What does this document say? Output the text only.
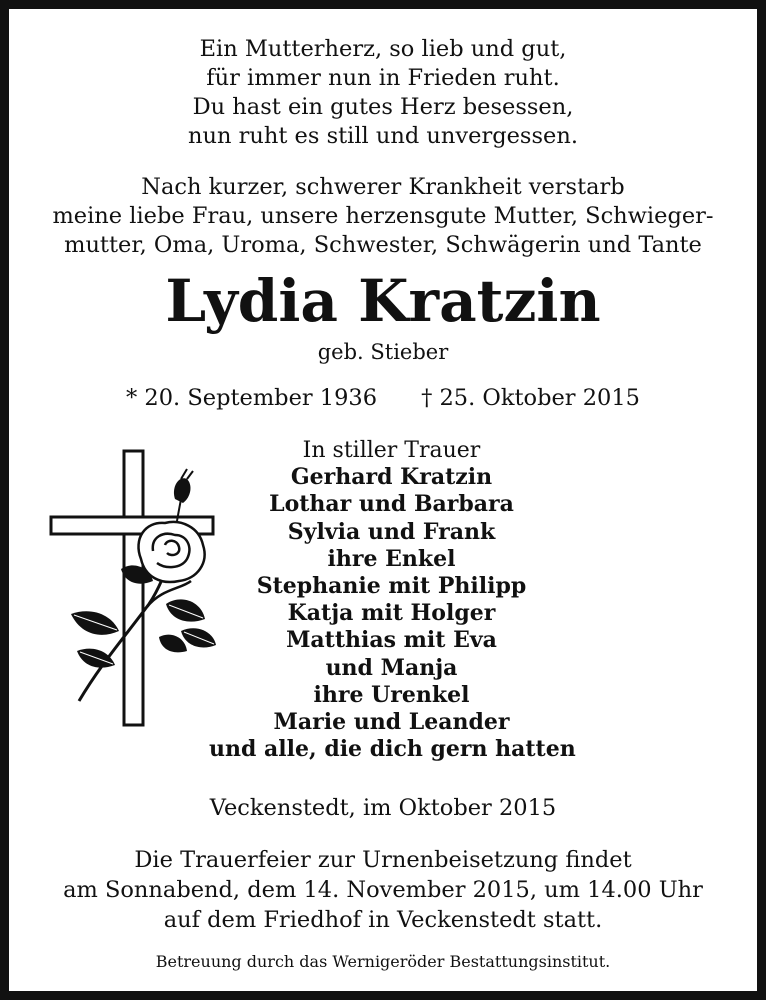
Ein Mutterherz, so lieb und gut,
für immer nun in Frieden ruht.
Du hast ein gutes Herz besessen,
nun ruht es still und unvergessen.
Nach kurzer, schwerer Krankheit verstarb
meine liebe Frau, unsere herzensgute Mutter, Schwieger-
mutter, Oma, Uroma, Schwester, Schwägerin und Tante
Lydia Kratzin
geb. Stieber
* 20. September 1936 † 25. Oktober 2015
In stiller Trauer
Gerhard Kratzin
Lothar und Barbara
Sylvia und Frank
ihre Enkel
Stephanie mit Philipp
Katja mit Holger
Matthias mit Eva
und Manja
ihre Urenkel
Marie und Leander
und alle, die dich gern hatten
Veckenstedt, im Oktober 2015
Die Trauerfeier zur Urnenbeisetzung findet
am Sonnabend, dem 14. November 2015, um 14.00 Uhr
auf dem Friedhof in Veckenstedt statt.
Betreuung durch das Wernigeröder Bestattungsinstitut.
